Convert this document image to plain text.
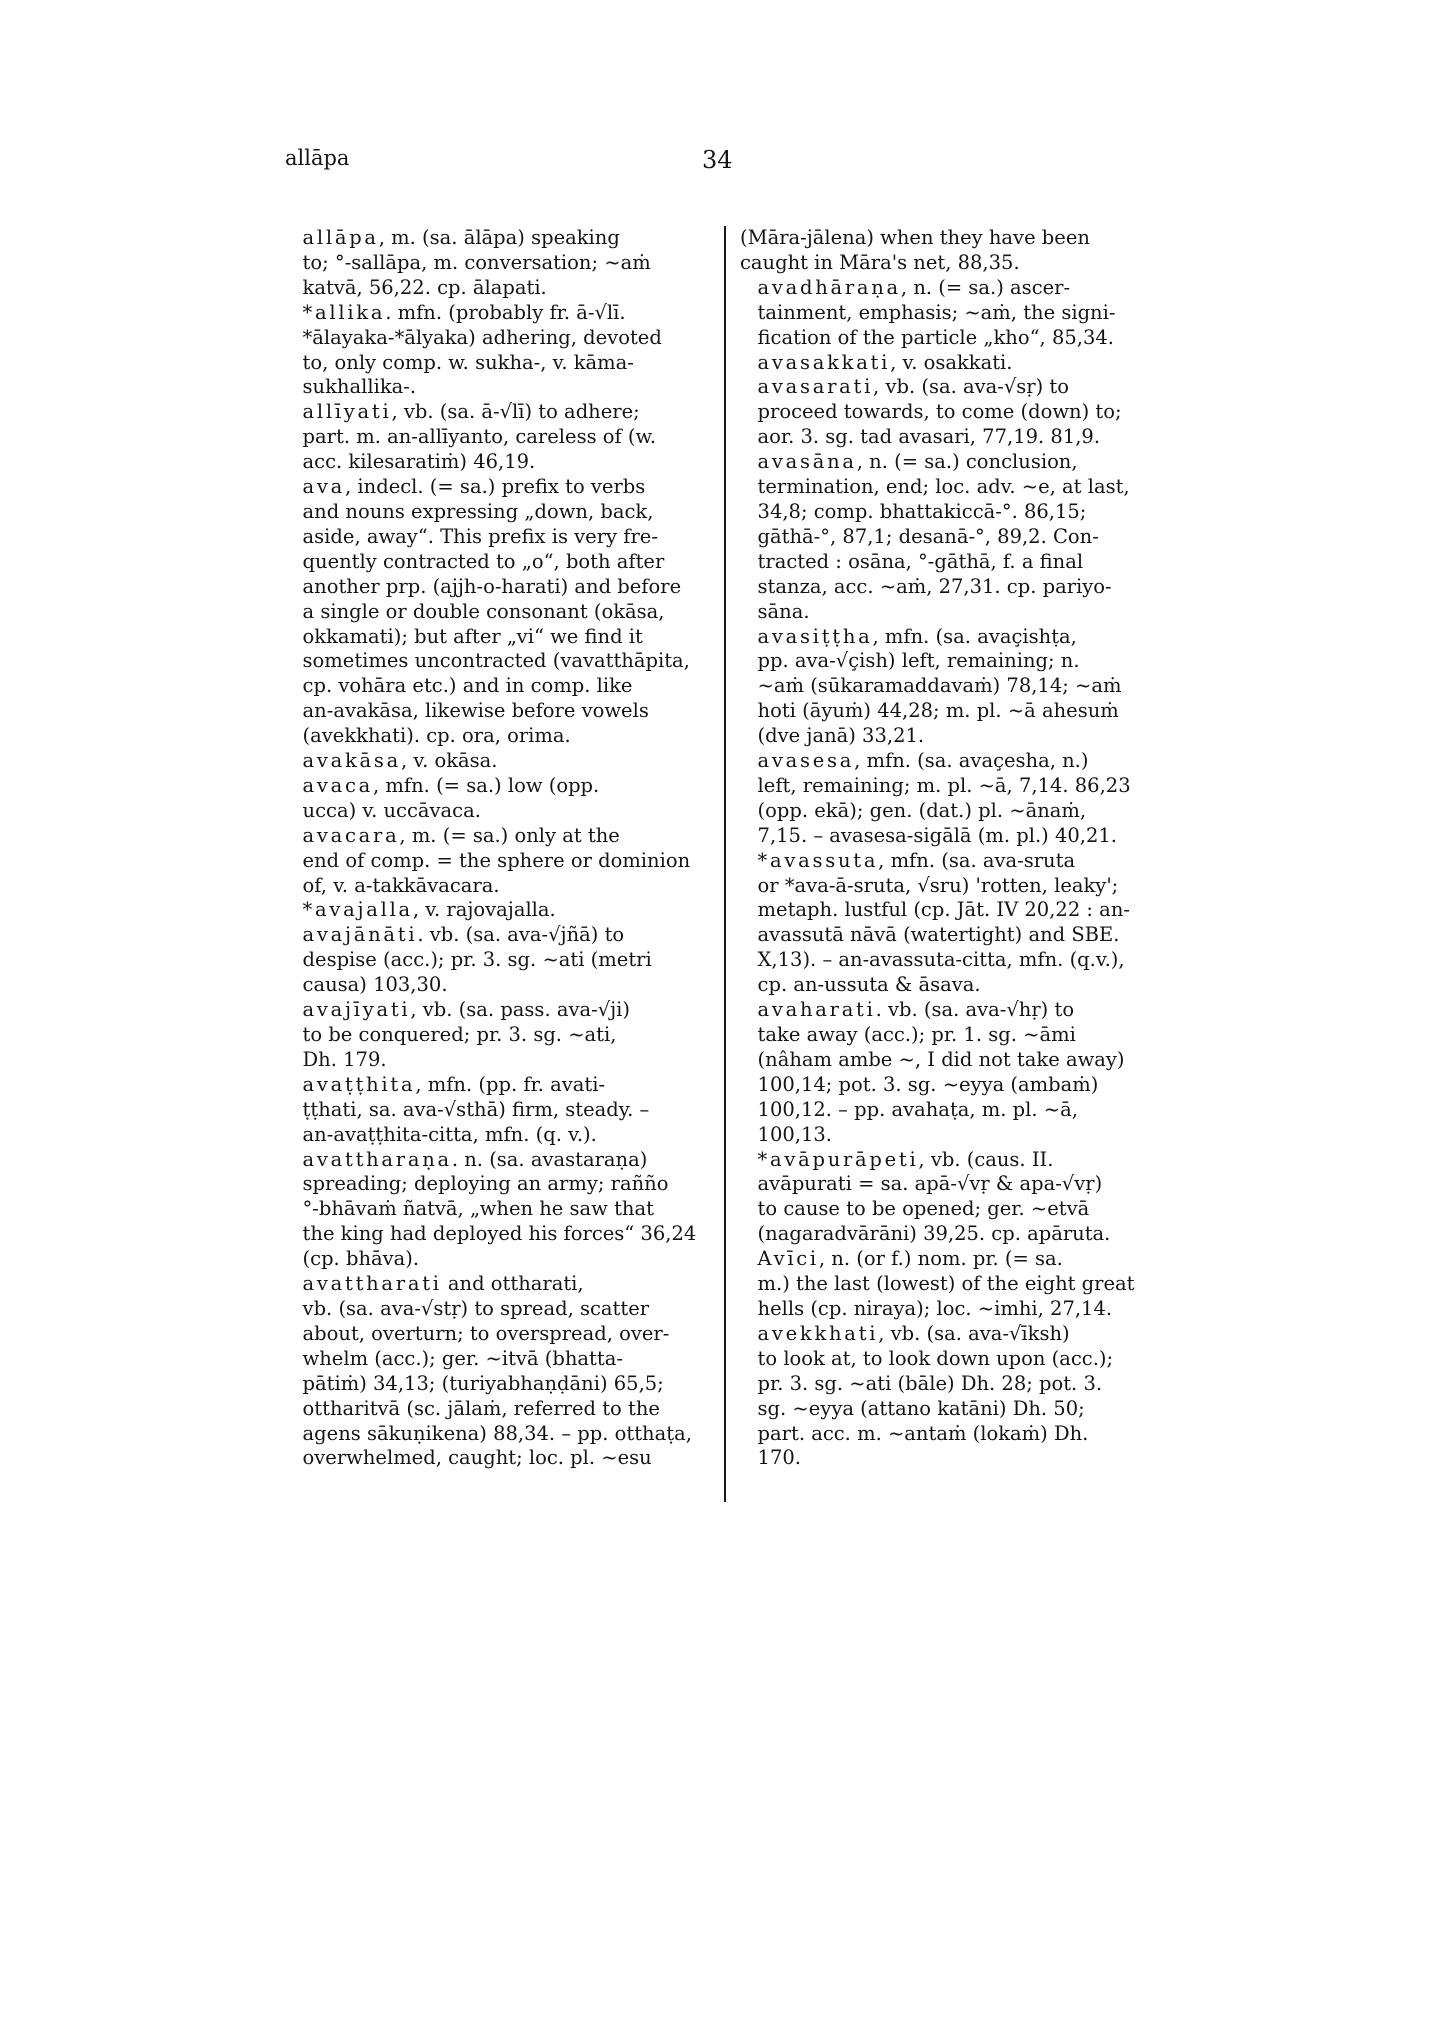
allāpa	34

allāpa, m. (sa. ālāpa) speaking
to; °-sallāpa, m. conversation; ~aṁ
katvā, 56,22. cp. ālapati.

*allika. mfn. (probably fr. ā-√lī.
*ālayaka-*ālyaka) adhering, devoted
to, only comp. w. sukha-, v. kāma-
sukhallika-.

allīyati, vb. (sa. ā-√lī) to adhere;
part. m. an-allīyanto, careless of (w.
acc. kilesaratiṁ) 46,19.

ava, indecl. (= sa.) prefix to verbs
and nouns expressing „down, back,
aside, away“. This prefix is very fre-
quently contracted to „o“, both after
another prp. (ajjh-o-harati) and before
a single or double consonant (okāsa,
okkamati); but after „vi“ we find it
sometimes uncontracted (vavatthāpita,
cp. vohāra etc.) and in comp. like
an-avakāsa, likewise before vowels
(avekkhati). cp. ora, orima.

avakāsa, v. okāsa.

avaca, mfn. (= sa.) low (opp.
ucca) v. uccāvaca.

avacara, m. (= sa.) only at the
end of comp. = the sphere or dominion
of, v. a-takkāvacara.

*avajalla, v. rajovajalla.

avajānāti. vb. (sa. ava-√jñā) to
despise (acc.); pr. 3. sg. ~ati (metri
causa) 103,30.

avajīyati, vb. (sa. pass. ava-√ji)
to be conquered; pr. 3. sg. ~ati,
Dh. 179.

avaṭṭhita, mfn. (pp. fr. avati-
ṭṭhati, sa. ava-√sthā) firm, steady. –
an-avaṭṭhita-citta, mfn. (q. v.).

avattharaṇa. n. (sa. avastaraṇa)
spreading; deploying an army; rañño
°-bhāvaṁ ñatvā, „when he saw that
the king had deployed his forces“ 36,24
(cp. bhāva).

avattharati and ottharati,
vb. (sa. ava-√stṛ) to spread, scatter
about, overturn; to overspread, over-
whelm (acc.); ger. ~itvā (bhatta-
pātiṁ) 34,13; (turiyabhaṇḍāni) 65,5;
ottharitvā (sc. jālaṁ, referred to the
agens sākuṇikena) 88,34. – pp. otthaṭa,
overwhelmed, caught; loc. pl. ~esu

(Māra-jālena) when they have been
caught in Māra's net, 88,35.

avadhāraṇa, n. (= sa.) ascer-
tainment, emphasis; ~aṁ, the signi-
fication of the particle „kho“, 85,34.

avasakkati, v. osakkati.

avasarati, vb. (sa. ava-√sṛ) to
proceed towards, to come (down) to;
aor. 3. sg. tad avasari, 77,19. 81,9.

avasāna, n. (= sa.) conclusion,
termination, end; loc. adv. ~e, at last,
34,8; comp. bhattakiccā-°. 86,15;
gāthā-°, 87,1; desanā-°, 89,2. Con-
tracted : osāna, °-gāthā, f. a final
stanza, acc. ~aṁ, 27,31. cp. pariyo-
sāna.

avasiṭṭha, mfn. (sa. avaçishṭa,
pp. ava-√çish) left, remaining; n.
~aṁ (sūkaramaddavaṁ) 78,14; ~aṁ
hoti (āyuṁ) 44,28; m. pl. ~ā ahesuṁ
(dve janā) 33,21.

avasesa, mfn. (sa. avaçesha, n.)
left, remaining; m. pl. ~ā, 7,14. 86,23
(opp. ekā); gen. (dat.) pl. ~ānaṁ,
7,15. – avasesa-sigālā (m. pl.) 40,21.

*avassuta, mfn. (sa. ava-sruta
or *ava-ā-sruta, √sru) 'rotten, leaky';
metaph. lustful (cp. Jāt. IV 20,22 : an-
avassutā nāvā (watertight) and SBE.
X,13). – an-avassuta-citta, mfn. (q.v.),
cp. an-ussuta & āsava.

avaharati. vb. (sa. ava-√hṛ) to
take away (acc.); pr. 1. sg. ~āmi
(nâham ambe ~, I did not take away)
100,14; pot. 3. sg. ~eyya (ambaṁ)
100,12. – pp. avahaṭa, m. pl. ~ā,
100,13.

*avāpurāpeti, vb. (caus. II.
avāpurati = sa. apā-√vṛ & apa-√vṛ)
to cause to be opened; ger. ~etvā
(nagaradvārāni) 39,25. cp. apāruta.

Avīci, n. (or f.) nom. pr. (= sa.
m.) the last (lowest) of the eight great
hells (cp. niraya); loc. ~imhi, 27,14.

avekkhati, vb. (sa. ava-√īksh)
to look at, to look down upon (acc.);
pr. 3. sg. ~ati (bāle) Dh. 28; pot. 3.
sg. ~eyya (attano katāni) Dh. 50;
part. acc. m. ~antaṁ (lokaṁ) Dh.
170.
